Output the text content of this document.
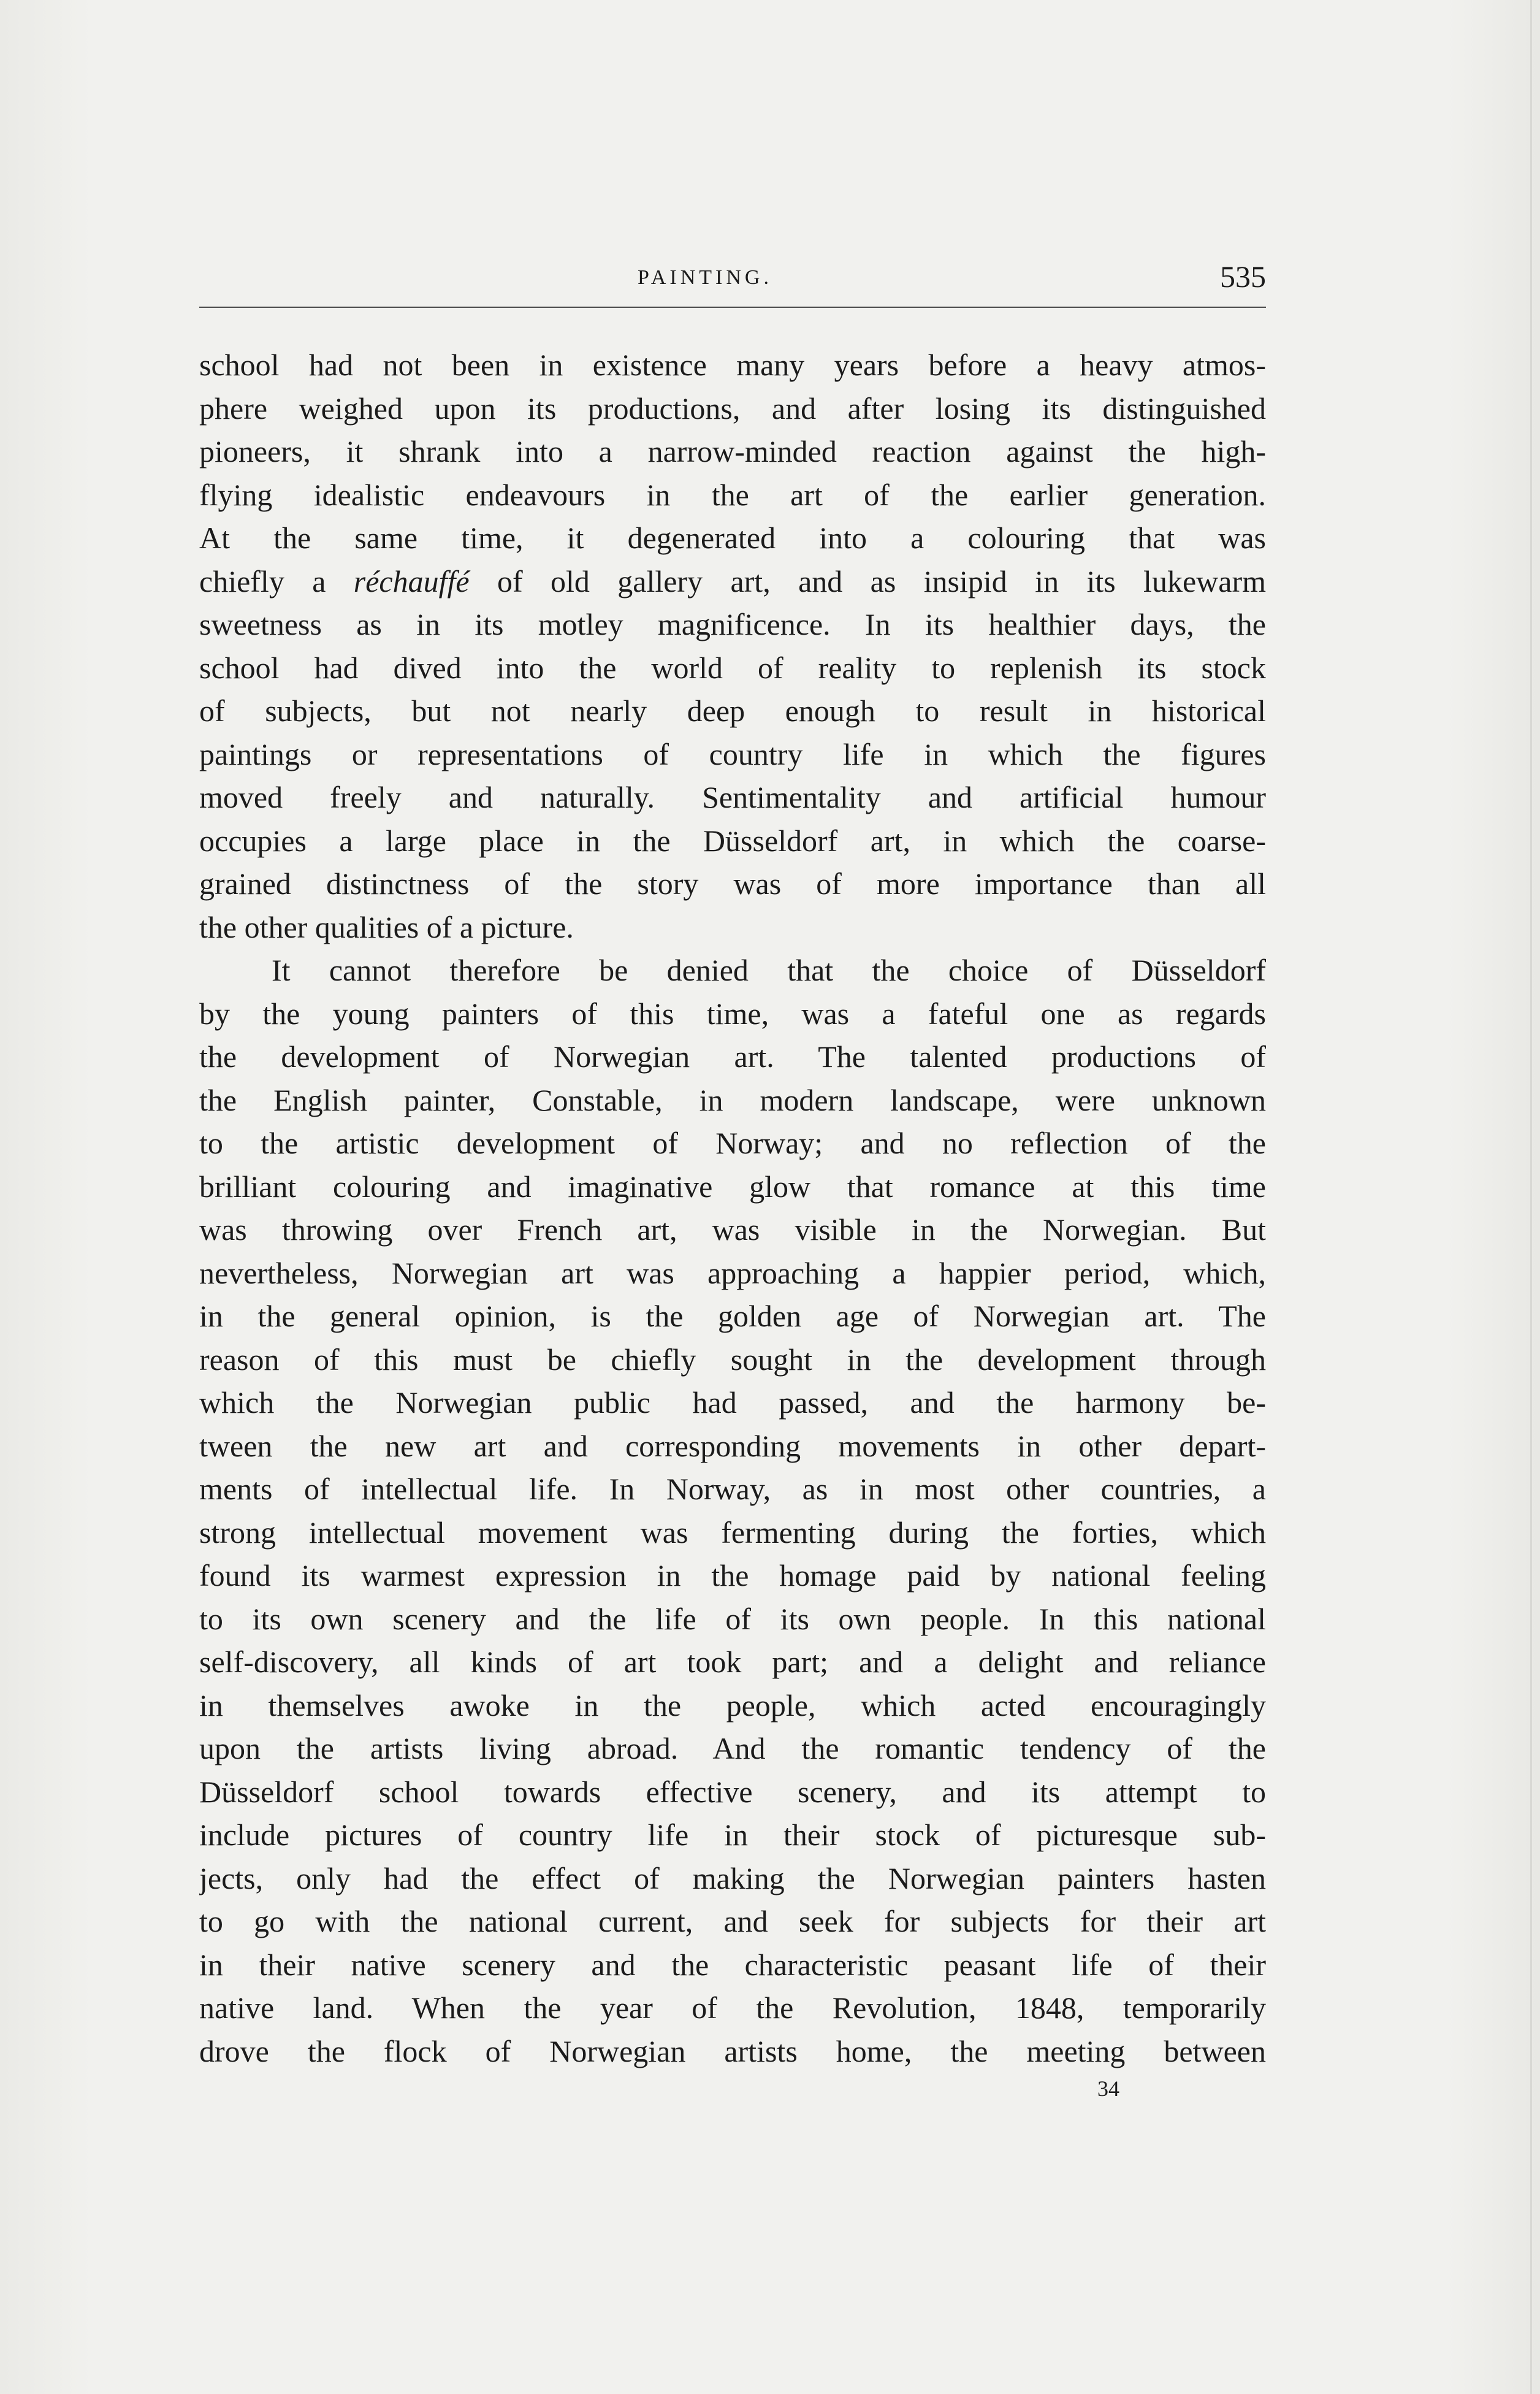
PAINTING.	535
school had not been in existence many years before a heavy atmos-
phere weighed upon its productions, and after losing its distinguished
pioneers, it shrank into a narrow-minded reaction against the high-
flying idealistic endeavours in the art of the earlier generation.
At the same time, it degenerated into a colouring that was
chiefly a réchauffé of old gallery art, and as insipid in its lukewarm
sweetness as in its motley magnificence. In its healthier days, the
school had dived into the world of reality to replenish its stock
of subjects, but not nearly deep enough to result in historical
paintings or representations of country life in which the figures
moved freely and naturally. Sentimentality and artificial humour
occupies a large place in the Düsseldorf art, in which the coarse-
grained distinctness of the story was of more importance than all
the other qualities of a picture.
It cannot therefore be denied that the choice of Düsseldorf
by the young painters of this time, was a fateful one as regards
the development of Norwegian art. The talented productions of
the English painter, Constable, in modern landscape, were unknown
to the artistic development of Norway; and no reflection of the
brilliant colouring and imaginative glow that romance at this time
was throwing over French art, was visible in the Norwegian. But
nevertheless, Norwegian art was approaching a happier period, which,
in the general opinion, is the golden age of Norwegian art. The
reason of this must be chiefly sought in the development through
which the Norwegian public had passed, and the harmony be-
tween the new art and corresponding movements in other depart-
ments of intellectual life. In Norway, as in most other countries, a
strong intellectual movement was fermenting during the forties, which
found its warmest expression in the homage paid by national feeling
to its own scenery and the life of its own people. In this national
self-discovery, all kinds of art took part; and a delight and reliance
in themselves awoke in the people, which acted encouragingly
upon the artists living abroad. And the romantic tendency of the
Düsseldorf school towards effective scenery, and its attempt to
include pictures of country life in their stock of picturesque sub-
jects, only had the effect of making the Norwegian painters hasten
to go with the national current, and seek for subjects for their art
in their native scenery and the characteristic peasant life of their
native land. When the year of the Revolution, 1848, temporarily
drove the flock of Norwegian artists home, the meeting between
34
